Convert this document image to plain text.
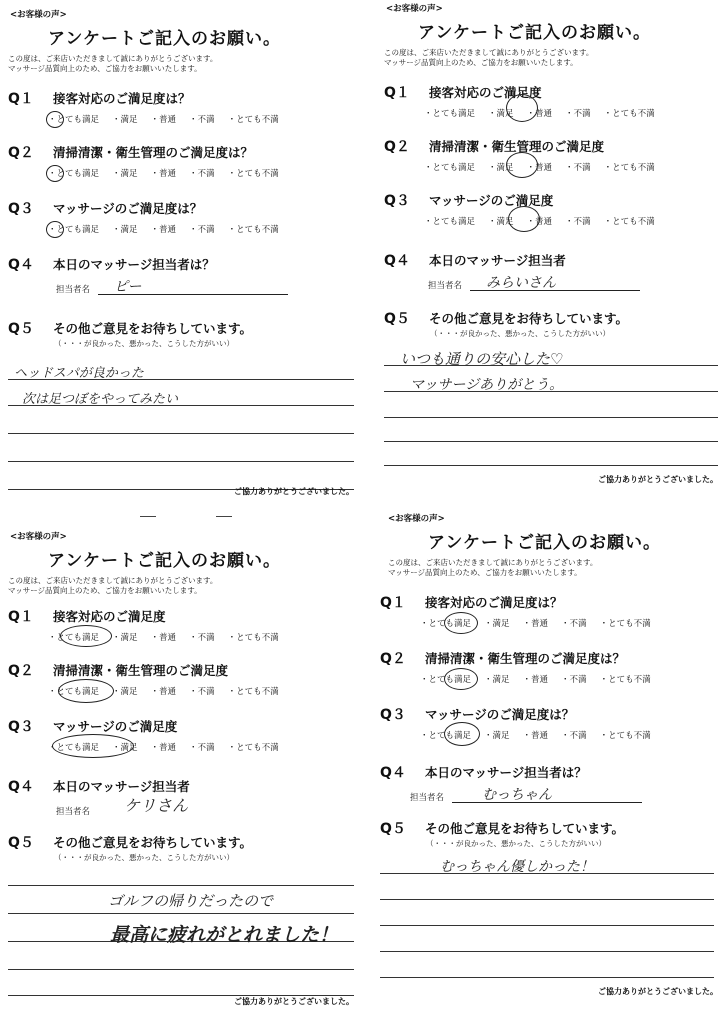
<お客様の声>
アンケートご記入のお願い。
この度は、ご来店いただきまして誠にありがとうございます。
マッサージ品質向上のため、ご協力をお願いいたします。
Q１ 接客対応のご満足度は？
・とても満足 ・満足 ・普通 ・不満 ・とても不満
Q２ 清掃清潔・衛生管理のご満足度は？
・とても満足 ・満足 ・普通 ・不満 ・とても不満
Q３ マッサージのご満足度は？
・とても満足 ・満足 ・普通 ・不満 ・とても不満
Q４ 本日のマッサージ担当者は？
担当者名 ピー
Q５ その他ご意見をお待ちしています。
（・・・が良かった、悪かった、こうした方がいい）
ヘッドスパが良かった
次は足つぼをやってみたい
ご協力ありがとうございました。
<お客様の声>
アンケートご記入のお願い。
この度は、ご来店いただきまして誠にありがとうございます。
マッサージ品質向上のため、ご協力をお願いいたします。
Q１ 接客対応のご満足度
・とても満足 ・満足 ・普通 ・不満 ・とても不満
Q２ 清掃清潔・衛生管理のご満足度
・とても満足 ・満足 ・普通 ・不満 ・とても不満
Q３ マッサージのご満足度
・とても満足 ・満足 ・普通 ・不満 ・とても不満
Q４ 本日のマッサージ担当者
担当者名 みらいさん
Q５ その他ご意見をお待ちしています。
（・・・が良かった、悪かった、こうした方がいい）
いつも通りの安心した♡
マッサージありがとう。
ご協力ありがとうございました。
<お客様の声>
アンケートご記入のお願い。
この度は、ご来店いただきまして誠にありがとうございます。
マッサージ品質向上のため、ご協力をお願いいたします。
Q１ 接客対応のご満足度
・とても満足 ・満足 ・普通 ・不満 ・とても不満
Q２ 清掃清潔・衛生管理のご満足度
・とても満足 ・満足 ・普通 ・不満 ・とても不満
Q３ マッサージのご満足度
・とても満足 ・満足 ・普通 ・不満 ・とても不満
Q４ 本日のマッサージ担当者
担当者名 ケリさん
Q５ その他ご意見をお待ちしています。
（・・・が良かった、悪かった、こうした方がいい）
ゴルフの帰りだったので
最高に疲れがとれました！
ご協力ありがとうございました。
<お客様の声>
アンケートご記入のお願い。
この度は、ご来店いただきまして誠にありがとうございます。
マッサージ品質向上のため、ご協力をお願いいたします。
Q１ 接客対応のご満足度は？
・とても満足 ・満足 ・普通 ・不満 ・とても不満
Q２ 清掃清潔・衛生管理のご満足度は？
・とても満足 ・満足 ・普通 ・不満 ・とても不満
Q３ マッサージのご満足度は？
・とても満足 ・満足 ・普通 ・不満 ・とても不満
Q４ 本日のマッサージ担当者は？
担当者名	むっちゃん
Q５ その他ご意見をお待ちしています。
（・・・が良かった、悪かった、こうした方がいい）
むっちゃん優しかった！
ご協力ありがとうございました。
